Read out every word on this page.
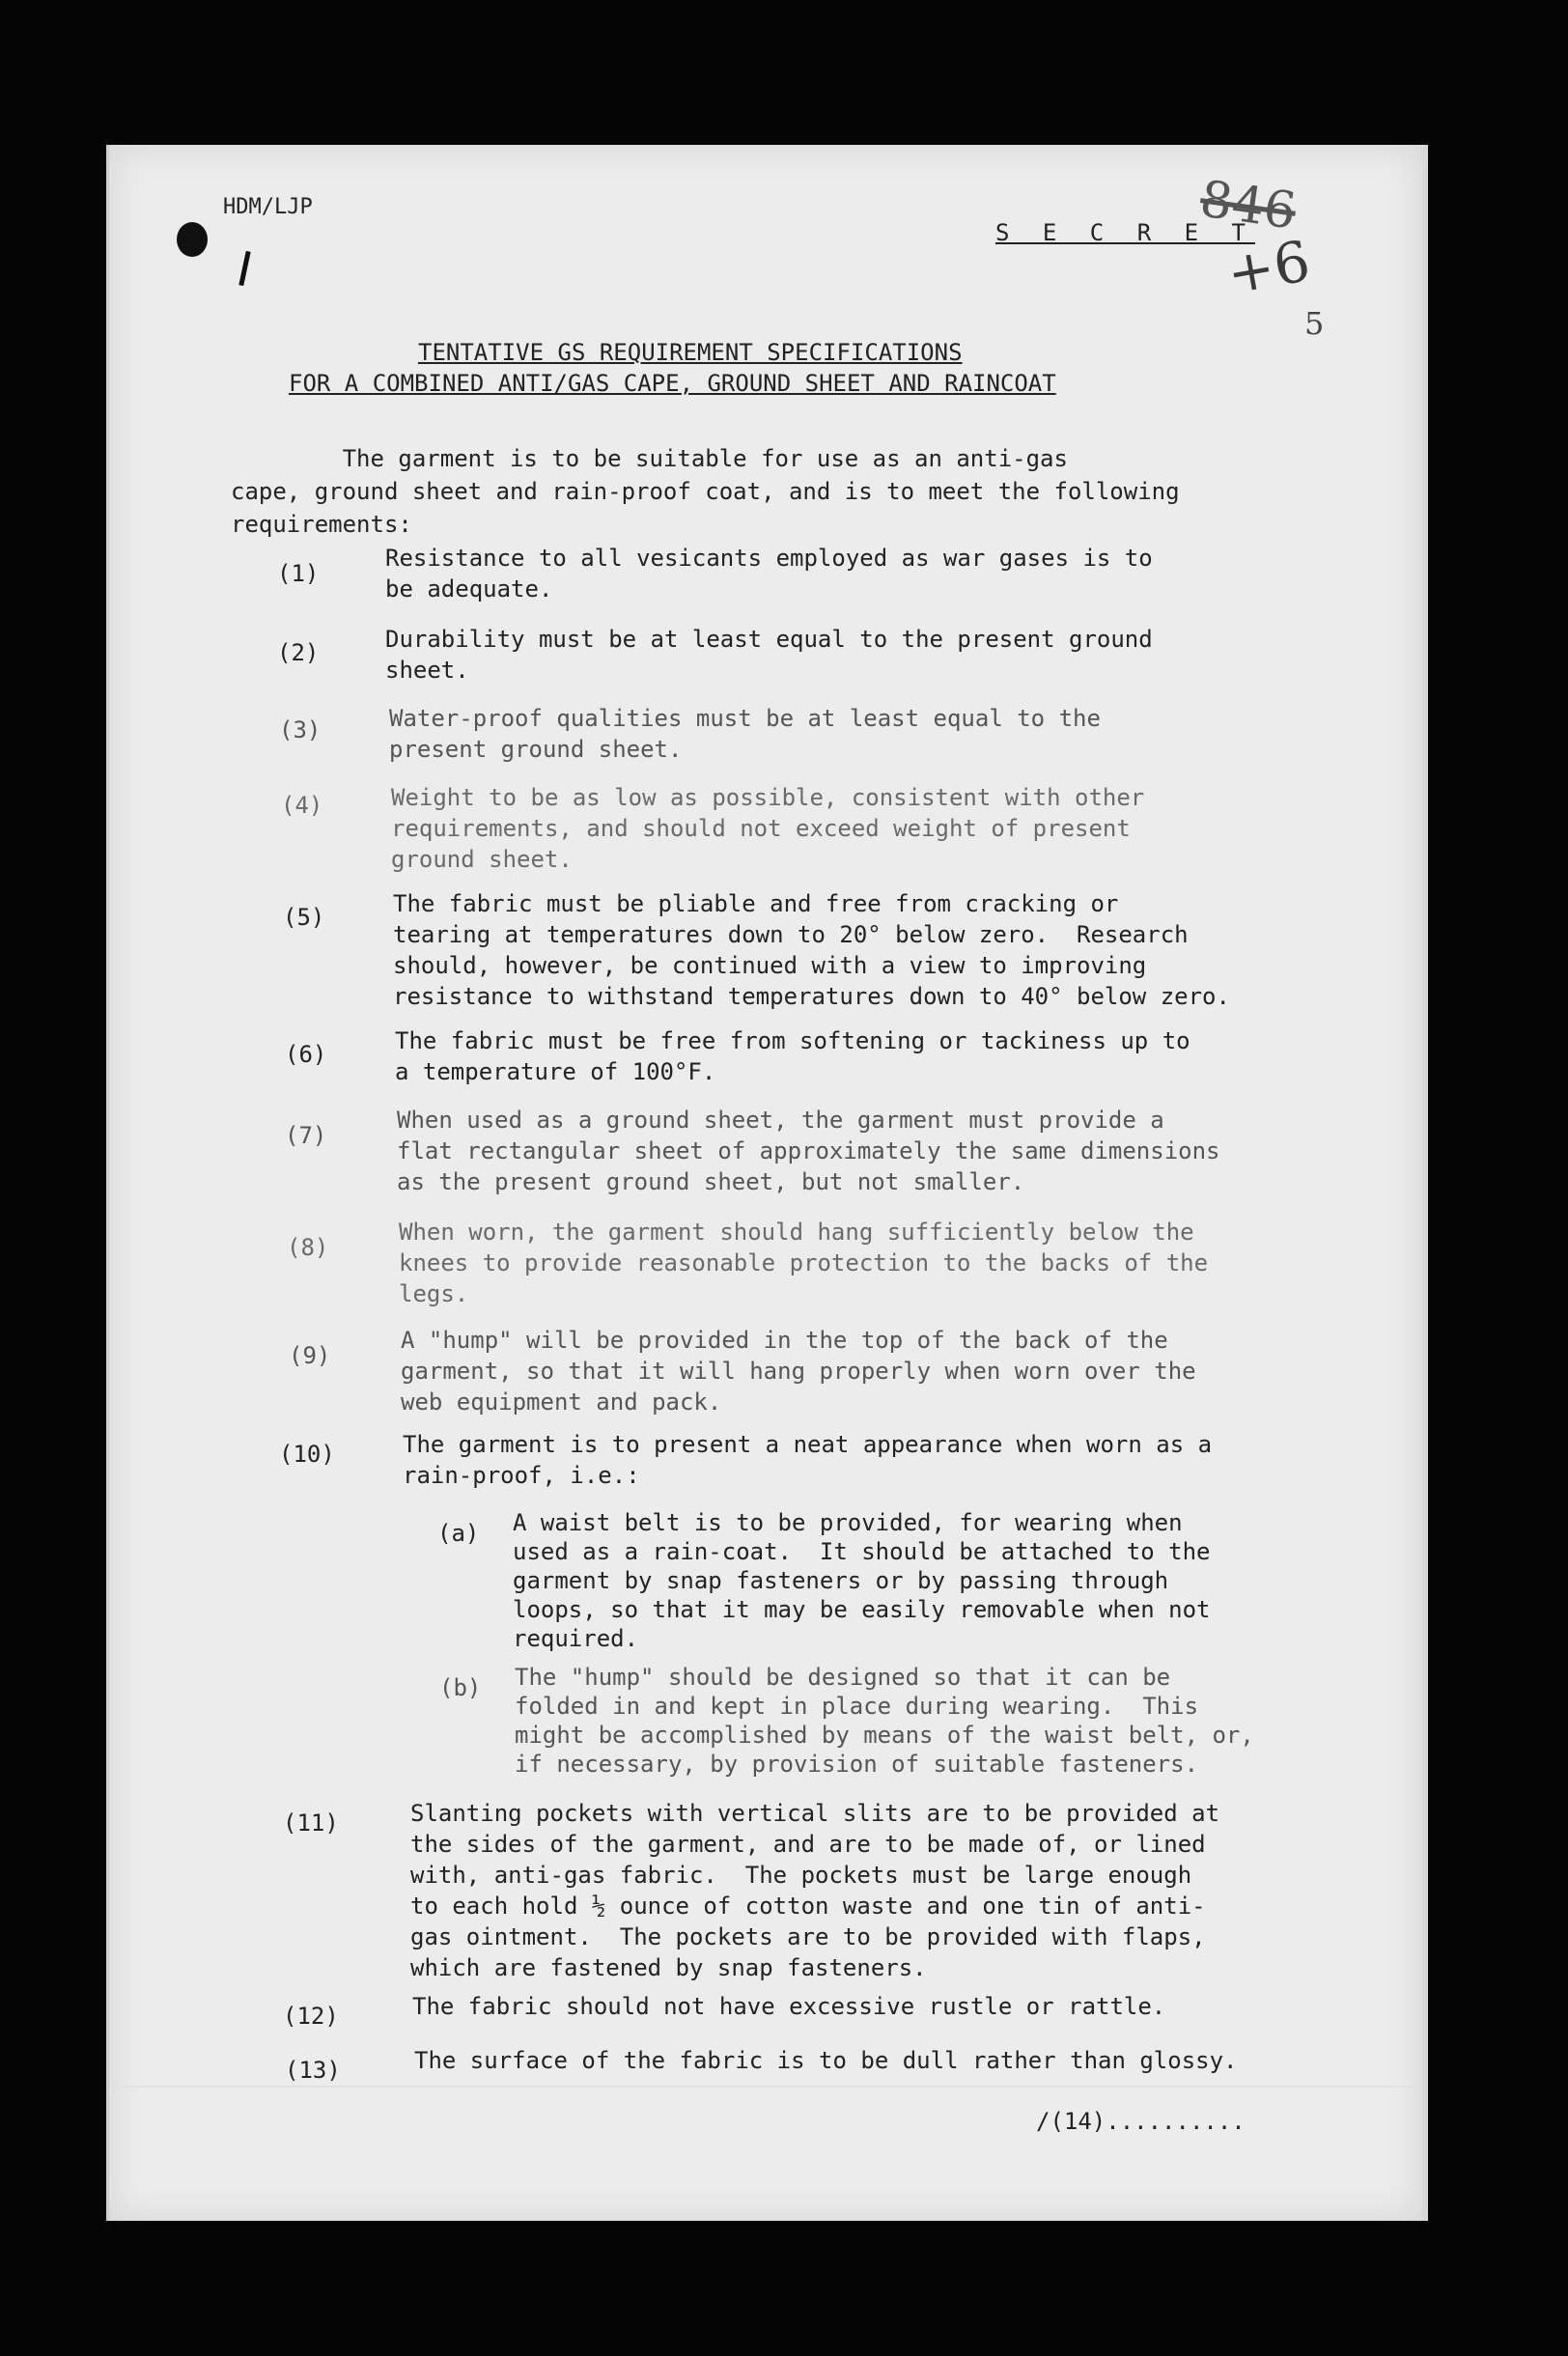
HDM/LJP
S E C R E T
846
+6
5
TENTATIVE GS REQUIREMENT SPECIFICATIONS
FOR A COMBINED ANTI/GAS CAPE, GROUND SHEET AND RAINCOAT
The garment is to be suitable for use as an anti-gas
cape, ground sheet and rain-proof coat, and is to meet the following
requirements:
(1)
Resistance to all vesicants employed as war gases is to
be adequate.
(2)	Durability must be at least equal to the present ground
sheet.
(3)	Water-proof qualities must be at least equal to the
present ground sheet.
(4)	Weight to be as low as possible, consistent with other
requirements, and should not exceed weight of present
ground sheet.
(5)	The fabric must be pliable and free from cracking or
tearing at temperatures down to 20° below zero.  Research
should, however, be continued with a view to improving
resistance to withstand temperatures down to 40° below zero.
(6)	The fabric must be free from softening or tackiness up to
a temperature of 100°F.
(7)
When used as a ground sheet, the garment must provide a
flat rectangular sheet of approximately the same dimensions
as the present ground sheet, but not smaller.
(8)
When worn, the garment should hang sufficiently below the
knees to provide reasonable protection to the backs of the
legs.
(9)
A "hump" will be provided in the top of the back of the
garment, so that it will hang properly when worn over the
web equipment and pack.
(10)	The garment is to present a neat appearance when worn as a
rain-proof, i.e.:
(a) A waist belt is to be provided, for wearing when
used as a rain-coat.  It should be attached to the
garment by snap fasteners or by passing through
loops, so that it may be easily removable when not
required.
(b) The "hump" should be designed so that it can be
folded in and kept in place during wearing.  This
might be accomplished by means of the waist belt, or,
if necessary, by provision of suitable fasteners.
(11)	Slanting pockets with vertical slits are to be provided at
the sides of the garment, and are to be made of, or lined
with, anti-gas fabric.  The pockets must be large enough
to each hold ½ ounce of cotton waste and one tin of anti-
gas ointment.  The pockets are to be provided with flaps,
which are fastened by snap fasteners.
(12)	The fabric should not have excessive rustle or rattle.
(13)	The surface of the fabric is to be dull rather than glossy.
/(14)..........
